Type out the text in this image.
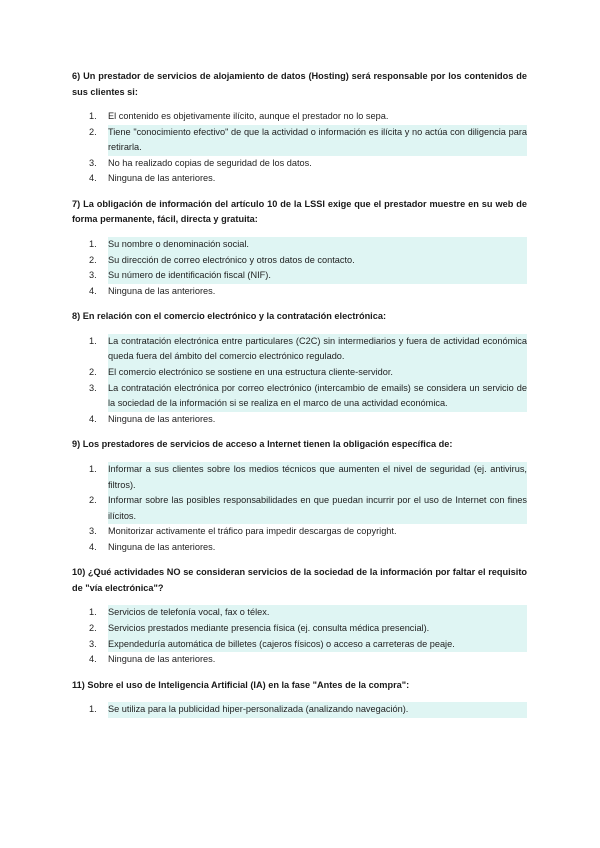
6) Un prestador de servicios de alojamiento de datos (Hosting) será responsable por los contenidos de sus clientes si:

1. El contenido es objetivamente ilícito, aunque el prestador no lo sepa.
2. Tiene "conocimiento efectivo" de que la actividad o información es ilícita y no actúa con diligencia para retirarla.
3. No ha realizado copias de seguridad de los datos.
4. Ninguna de las anteriores.

7) La obligación de información del artículo 10 de la LSSI exige que el prestador muestre en su web de forma permanente, fácil, directa y gratuita:

1. Su nombre o denominación social.
2. Su dirección de correo electrónico y otros datos de contacto.
3. Su número de identificación fiscal (NIF).
4. Ninguna de las anteriores.

8) En relación con el comercio electrónico y la contratación electrónica:

1. La contratación electrónica entre particulares (C2C) sin intermediarios y fuera de actividad económica queda fuera del ámbito del comercio electrónico regulado.
2. El comercio electrónico se sostiene en una estructura cliente-servidor.
3. La contratación electrónica por correo electrónico (intercambio de emails) se considera un servicio de la sociedad de la información si se realiza en el marco de una actividad económica.
4. Ninguna de las anteriores.

9) Los prestadores de servicios de acceso a Internet tienen la obligación específica de:

1. Informar a sus clientes sobre los medios técnicos que aumenten el nivel de seguridad (ej. antivirus, filtros).
2. Informar sobre las posibles responsabilidades en que puedan incurrir por el uso de Internet con fines ilícitos.
3. Monitorizar activamente el tráfico para impedir descargas de copyright.
4. Ninguna de las anteriores.

10) ¿Qué actividades NO se consideran servicios de la sociedad de la información por faltar el requisito de "vía electrónica"?

1. Servicios de telefonía vocal, fax o télex.
2. Servicios prestados mediante presencia física (ej. consulta médica presencial).
3. Expendeduría automática de billetes (cajeros físicos) o acceso a carreteras de peaje.
4. Ninguna de las anteriores.

11) Sobre el uso de Inteligencia Artificial (IA) en la fase "Antes de la compra":

1. Se utiliza para la publicidad hiper-personalizada (analizando navegación).
